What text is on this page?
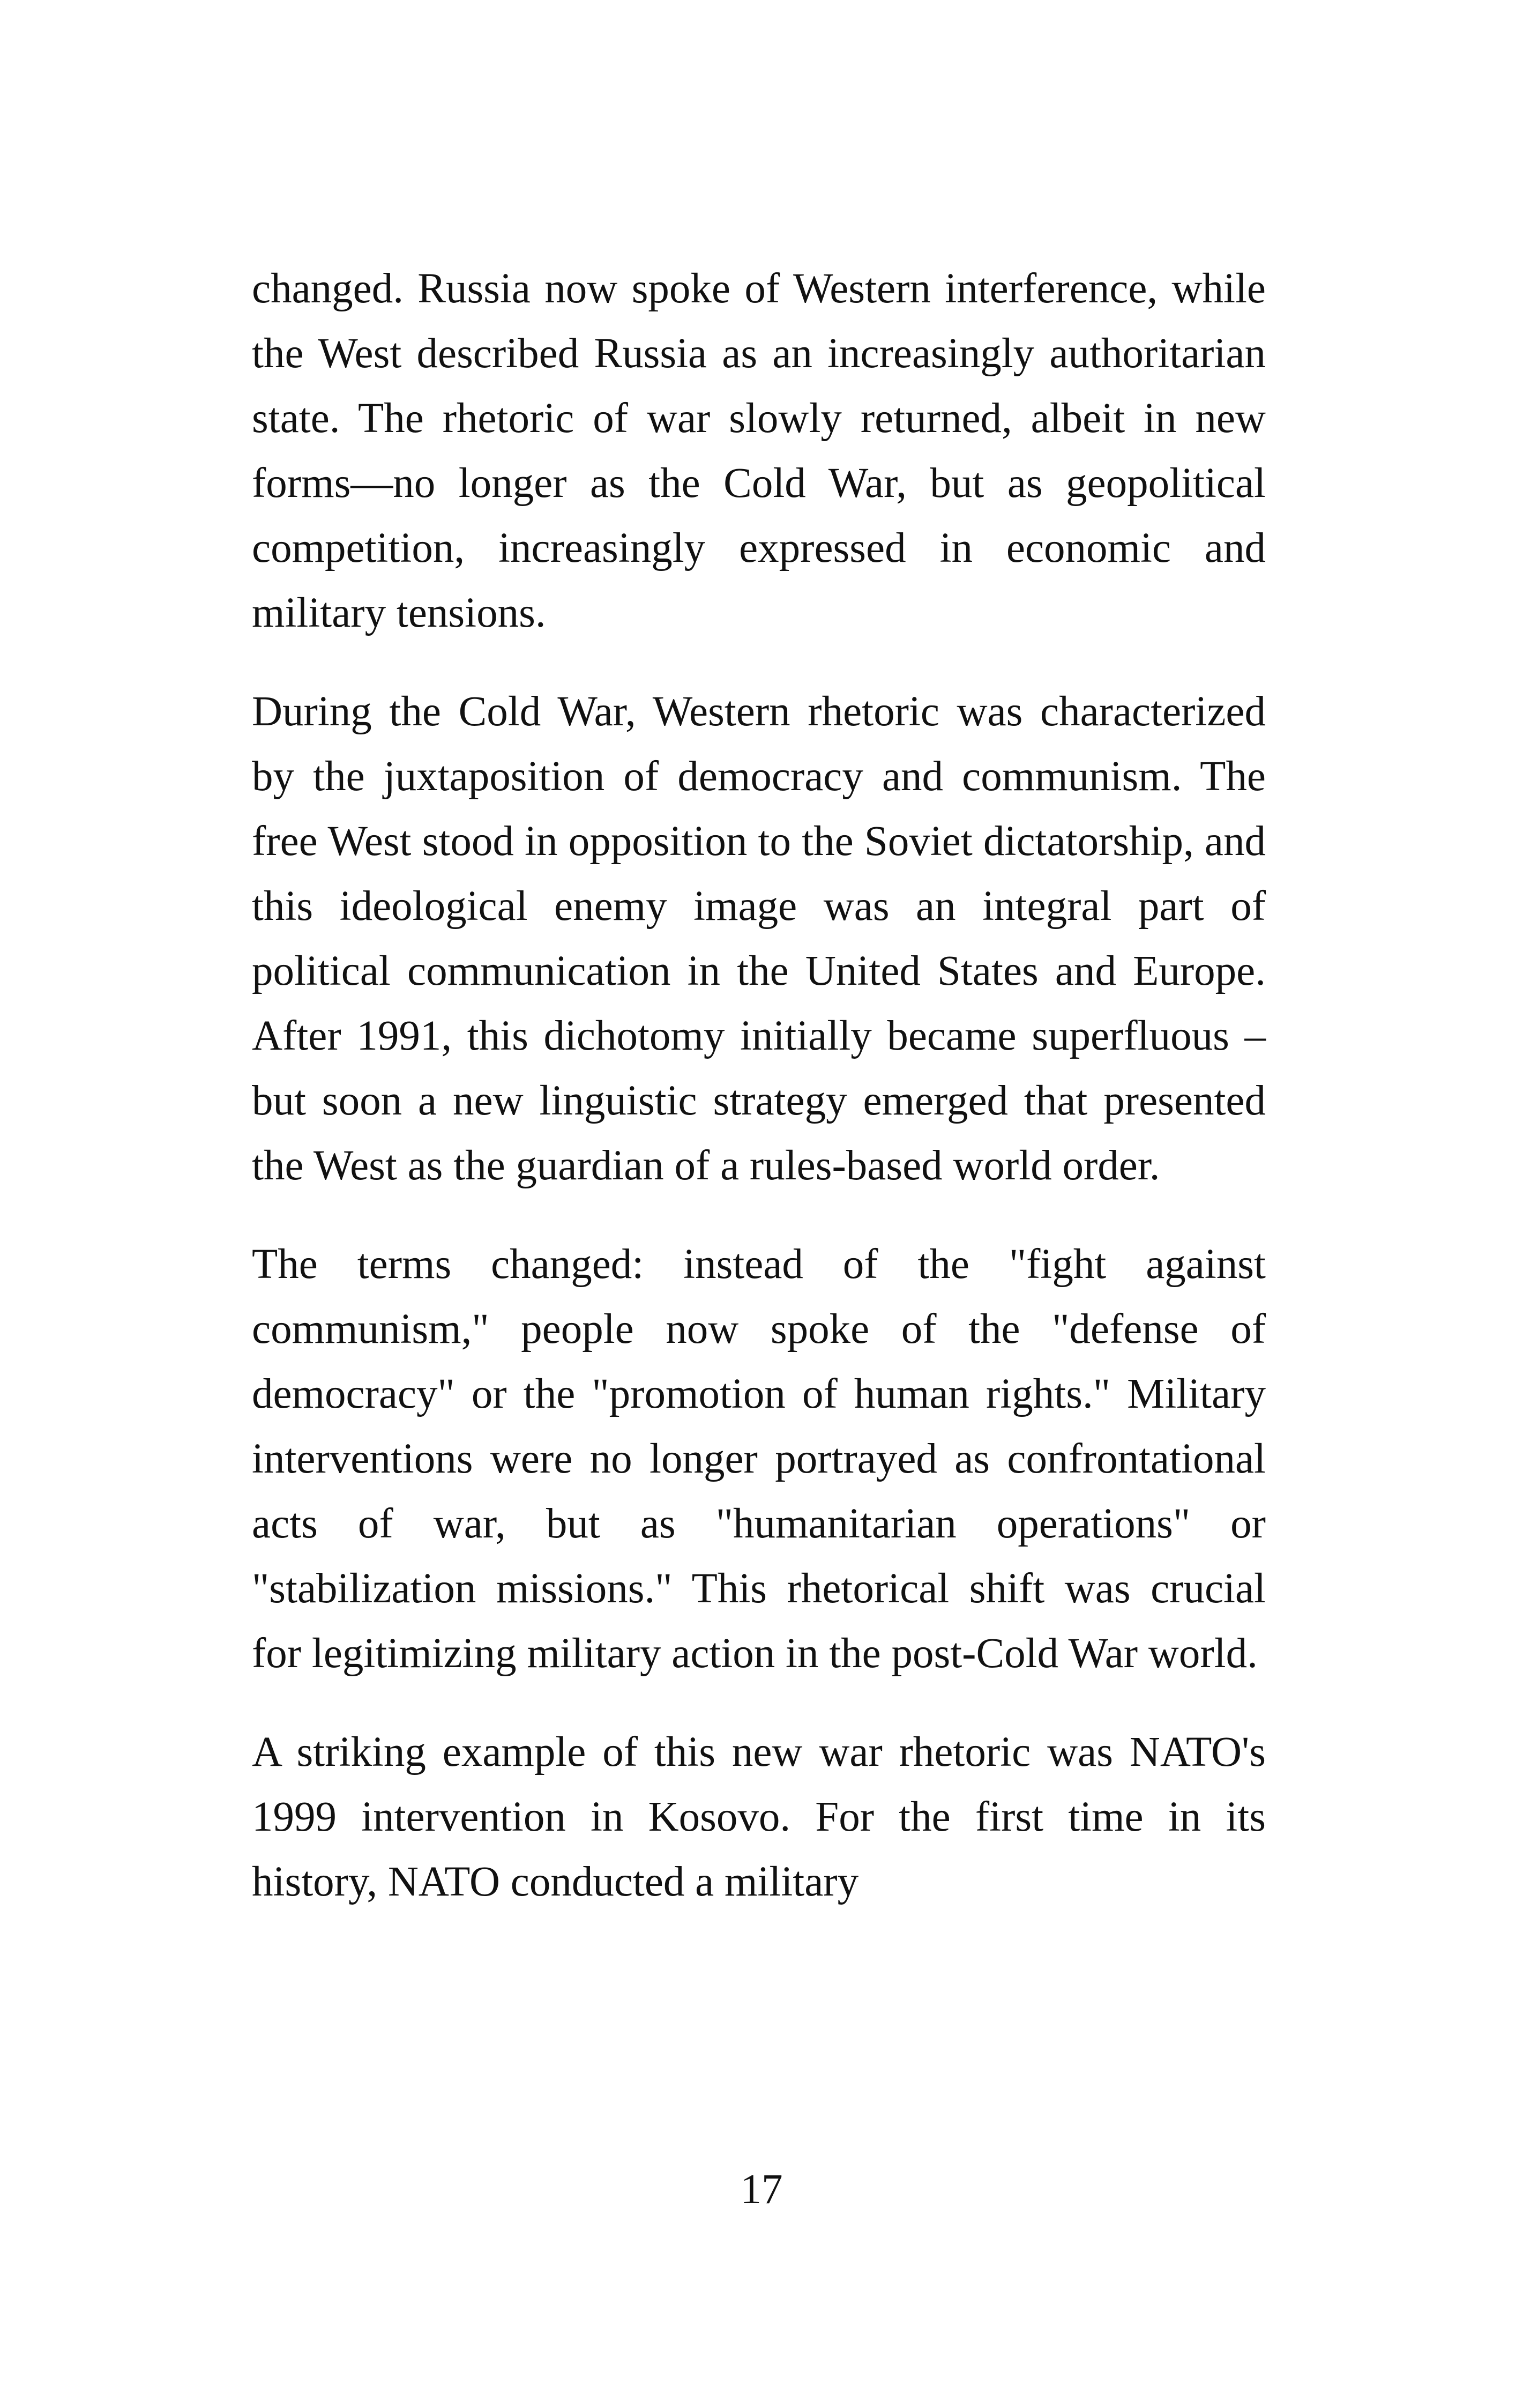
changed. Russia now spoke of Western interference, while the West described Russia as an increasingly authoritarian state. The rhetoric of war slowly returned, albeit in new forms—no longer as the Cold War, but as geopolitical competition, increasingly expressed in economic and military tensions.

During the Cold War, Western rhetoric was characterized by the juxtaposition of democracy and communism. The free West stood in opposition to the Soviet dictatorship, and this ideological enemy image was an integral part of political communication in the United States and Europe. After 1991, this dichotomy initially became superfluous – but soon a new linguistic strategy emerged that presented the West as the guardian of a rules-based world order.

The terms changed: instead of the "fight against communism," people now spoke of the "defense of democracy" or the "promotion of human rights." Military interventions were no longer portrayed as confrontational acts of war, but as "humanitarian operations" or "stabilization missions." This rhetorical shift was crucial for legitimizing military action in the post-Cold War world.

A striking example of this new war rhetoric was NATO's 1999 intervention in Kosovo. For the first time in its history, NATO conducted a military

17
